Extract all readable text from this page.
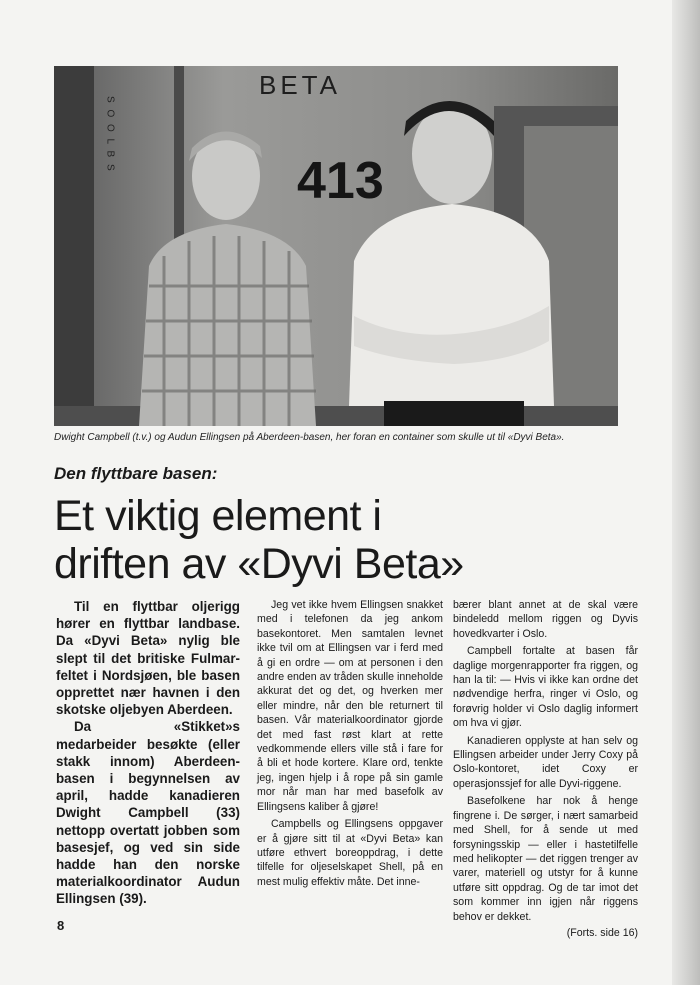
BETA
413
S O O L B S
Dwight Campbell (t.v.) og Audun Ellingsen på Aberdeen-basen, her foran en container som skulle ut til «Dyvi Beta».
Den flyttbare basen:
Et viktig element i
driften av «Dyvi Beta»

Til en flyttbar oljerigg hører en flyttbar landbase. Da «Dyvi Beta» nylig ble slept til det britiske Fulmar-feltet i Nordsjøen, ble basen opprettet nær havnen i den skotske oljebyen Aberdeen.

Da «Stikket»s medarbeider besøkte (eller stakk innom) Aberdeen-basen i begynnelsen av april, hadde kanadieren Dwight Campbell (33) nettopp overtatt jobben som basesjef, og ved sin side hadde han den norske materialkoordinator Audun Ellingsen (39).

Jeg vet ikke hvem Ellingsen snakket med i telefonen da jeg ankom basekontoret. Men samtalen levnet ikke tvil om at Ellingsen var i ferd med å gi en ordre — om at personen i den andre enden av tråden skulle inneholde akkurat det og det, og hverken mer eller mindre, når den ble returnert til basen. Vår materialkoordinator gjorde det med fast røst klart at rette vedkommende ellers ville stå i fare for å bli et hode kortere. Klare ord, tenkte jeg, ingen hjelp i å rope på sin gamle mor når man har med basefolk av Ellingsens kaliber å gjøre!

Campbells og Ellingsens oppgaver er å gjøre sitt til at «Dyvi Beta» kan utføre ethvert boreoppdrag, i dette tilfelle for oljeselskapet Shell, på en mest mulig effektiv måte. Det inne-

bærer blant annet at de skal være bindeledd mellom riggen og Dyvis hovedkvarter i Oslo.

Campbell fortalte at basen får daglige morgenrapporter fra riggen, og han la til: — Hvis vi ikke kan ordne det nødvendige herfra, ringer vi Oslo, og forøvrig holder vi Oslo daglig informert om hva vi gjør.

Kanadieren opplyste at han selv og Ellingsen arbeider under Jerry Coxy på Oslo-kontoret, idet Coxy er operasjonssjef for alle Dyvi-riggene.

Basefolkene har nok å henge fingrene i. De sørger, i nært samarbeid med Shell, for å sende ut med forsyningsskip — eller i hastetilfelle med helikopter — det riggen trenger av varer, materiell og utstyr for å kunne utføre sitt oppdrag. Og de tar imot det som kommer inn igjen når riggens behov er dekket.

(Forts. side 16)
8
